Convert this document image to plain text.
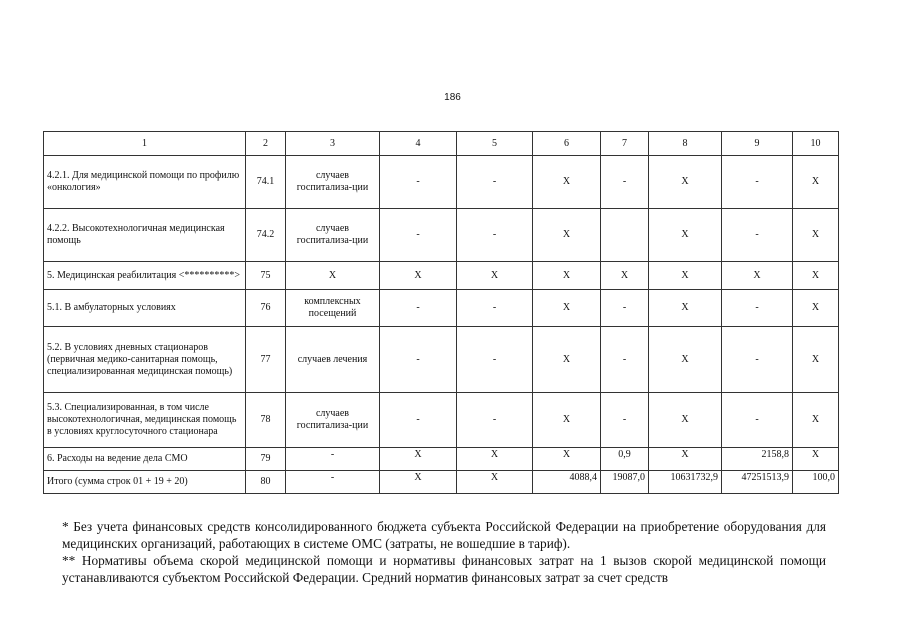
186
1	2	3	4	5	6	7	8	9	10
4.2.1. Для медицинской помощи по профилю «онкология»	74.1	случаев госпитализа-ции	-	-	X	-	X	-	X
4.2.2. Высокотехнологичная медицинская помощь	74.2	случаев госпитализа-ции	-	-	X		X	-	X
5. Медицинская реабилитация <**********>	75	X	X	X	X	X	X	X	X
5.1. В амбулаторных условиях	76	комплексных посещений	-	-	X	-	X	-	X
5.2. В условиях дневных стационаров (первичная медико-санитарная помощь, специализированная медицинская помощь)	77	случаев лечения	-	-	X	-	X	-	X
5.3. Специализированная, в том числе высокотехнологичная, медицинская помощь в условиях круглосуточного стационара	78	случаев госпитализа-ции	-	-	X	-	X	-	X
6. Расходы на ведение дела СМО	79	-	X	X	X	0,9	X	2158,8	X
Итого (сумма строк 01 + 19 + 20)	80	-	X	X	4088,4	19087,0	10631732,9	47251513,9	100,0

* Без учета финансовых средств консолидированного бюджета субъекта Российской Федерации на приобретение оборудования для медицинских организаций, работающих в системе ОМС (затраты, не вошедшие в тариф).

** Нормативы объема скорой медицинской помощи и нормативы финансовых затрат на 1 вызов скорой медицинской помощи устанавливаются субъектом Российской Федерации. Средний норматив финансовых затрат за счет средств
